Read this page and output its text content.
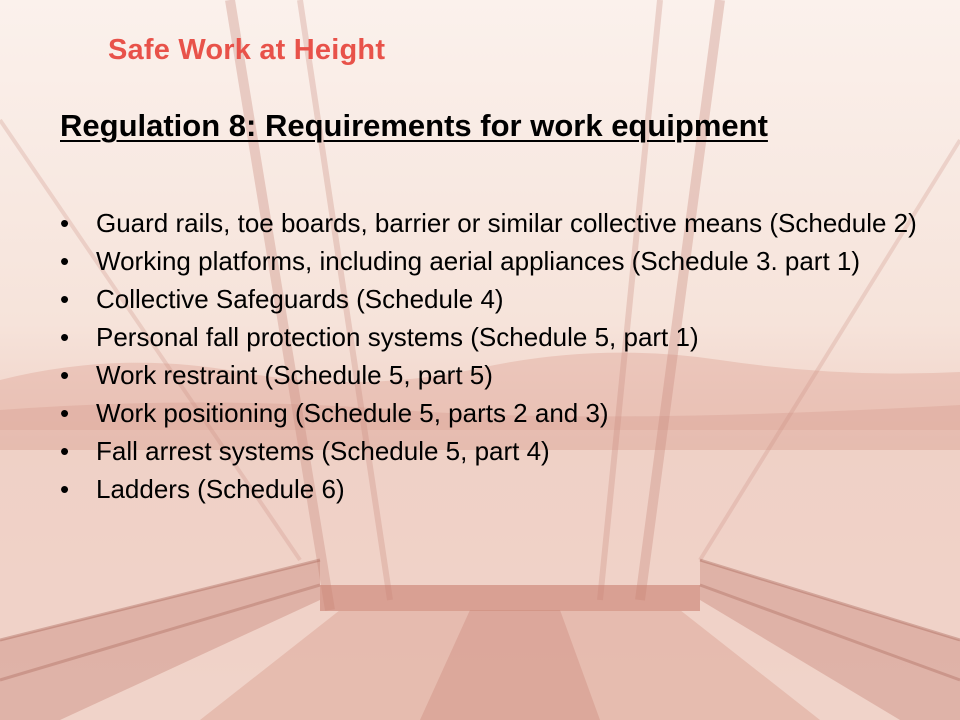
Safe Work at Height
Regulation 8: Requirements for work equipment
• Guard rails, toe boards, barrier or similar collective means (Schedule 2)
• Working platforms, including aerial appliances (Schedule 3. part 1)
• Collective Safeguards (Schedule 4)
• Personal fall protection systems (Schedule 5, part 1)
• Work restraint (Schedule 5, part 5)
• Work positioning (Schedule 5, parts 2 and 3)
• Fall arrest systems (Schedule 5, part 4)
• Ladders (Schedule 6)
